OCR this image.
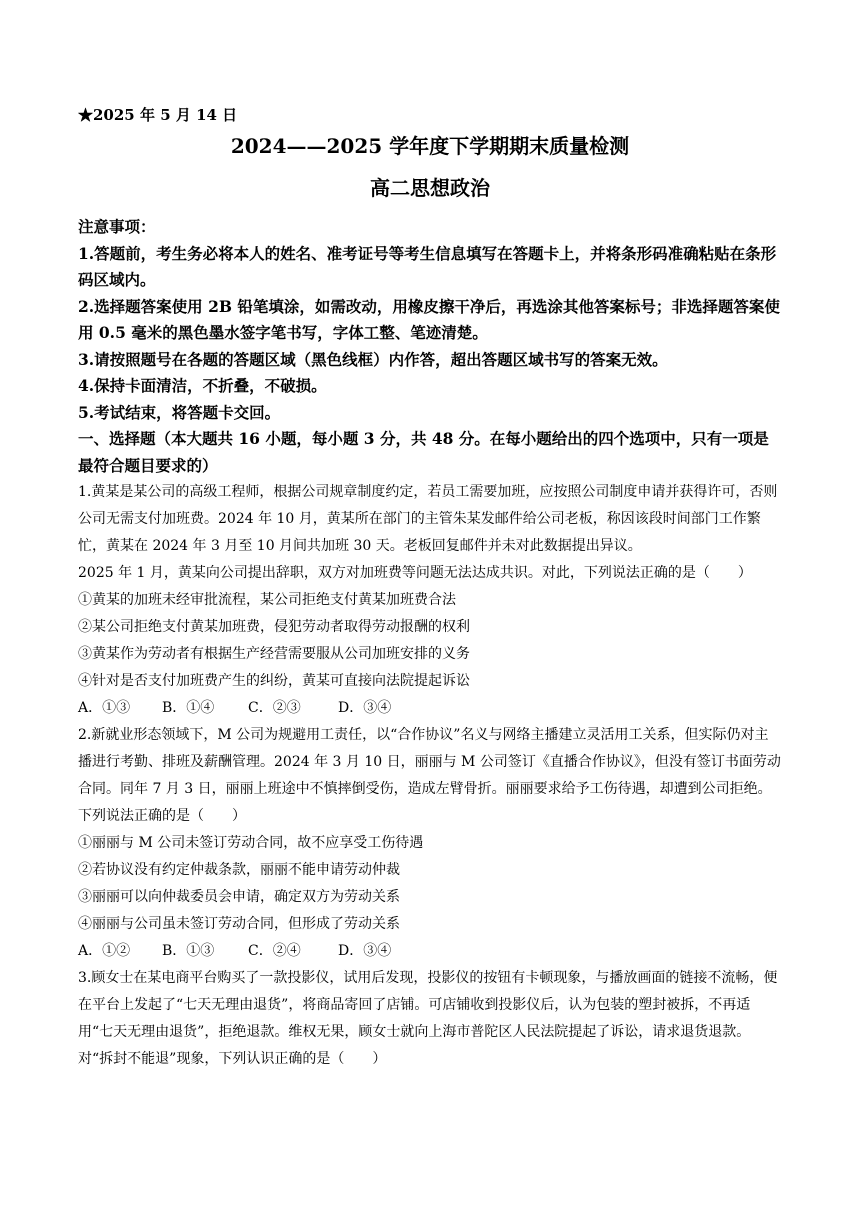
★2025 年 5 月 14 日
2024——2025 学年度下学期期末质量检测
高二思想政治
注意事项：
1.答题前，考生务必将本人的姓名、准考证号等考生信息填写在答题卡上，并将条形码准确粘贴在条形码区域内。
2.选择题答案使用 2B 铅笔填涂，如需改动，用橡皮擦干净后，再选涂其他答案标号；非选择题答案使用 0.5 毫米的黑色墨水签字笔书写，字体工整、笔迹清楚。
3.请按照题号在各题的答题区域（黑色线框）内作答，超出答题区域书写的答案无效。
4.保持卡面清洁，不折叠，不破损。
5.考试结束，将答题卡交回。
一、选择题（本大题共 16 小题，每小题 3 分，共 48 分。在每小题给出的四个选项中，只有一项是最符合题目要求的）
1.黄某是某公司的高级工程师，根据公司规章制度约定，若员工需要加班，应按照公司制度申请并获得许可，否则公司无需支付加班费。2024 年 10 月，黄某所在部门的主管朱某发邮件给公司老板，称因该段时间部门工作繁忙，黄某在 2024 年 3 月至 10 月间共加班 30 天。老板回复邮件并未对此数据提出异议。
2025 年 1 月，黄某向公司提出辞职，双方对加班费等问题无法达成共识。对此，下列说法正确的是（　　）
①黄某的加班未经审批流程，某公司拒绝支付黄某加班费合法
②某公司拒绝支付黄某加班费，侵犯劳动者取得劳动报酬的权利
③黄某作为劳动者有根据生产经营需要服从公司加班安排的义务
④针对是否支付加班费产生的纠纷，黄某可直接向法院提起诉讼
A．①③ B．①④ C．②③	D．③④
2.新就业形态领域下，M 公司为规避用工责任，以“合作协议”名义与网络主播建立灵活用工关系，但实际仍对主播进行考勤、排班及薪酬管理。2024 年 3 月 10 日，丽丽与 M 公司签订《直播合作协议》，但没有签订书面劳动合同。同年 7 月 3 日，丽丽上班途中不慎摔倒受伤，造成左臂骨折。丽丽要求给予工伤待遇，却遭到公司拒绝。下列说法正确的是（　　）
①丽丽与 M 公司未签订劳动合同，故不应享受工伤待遇
②若协议没有约定仲裁条款，丽丽不能申请劳动仲裁
③丽丽可以向仲裁委员会申请，确定双方为劳动关系
④丽丽与公司虽未签订劳动合同，但形成了劳动关系
A．①② B．①③ C．②④	D．③④
3.顾女士在某电商平台购买了一款投影仪，试用后发现，投影仪的按钮有卡顿现象，与播放画面的链接不流畅，便在平台上发起了“七天无理由退货”，将商品寄回了店铺。可店铺收到投影仪后，认为包装的塑封被拆，不再适用“七天无理由退货”，拒绝退款。维权无果，顾女士就向上海市普陀区人民法院提起了诉讼，请求退货退款。对“拆封不能退”现象，下列认识正确的是（　　）
